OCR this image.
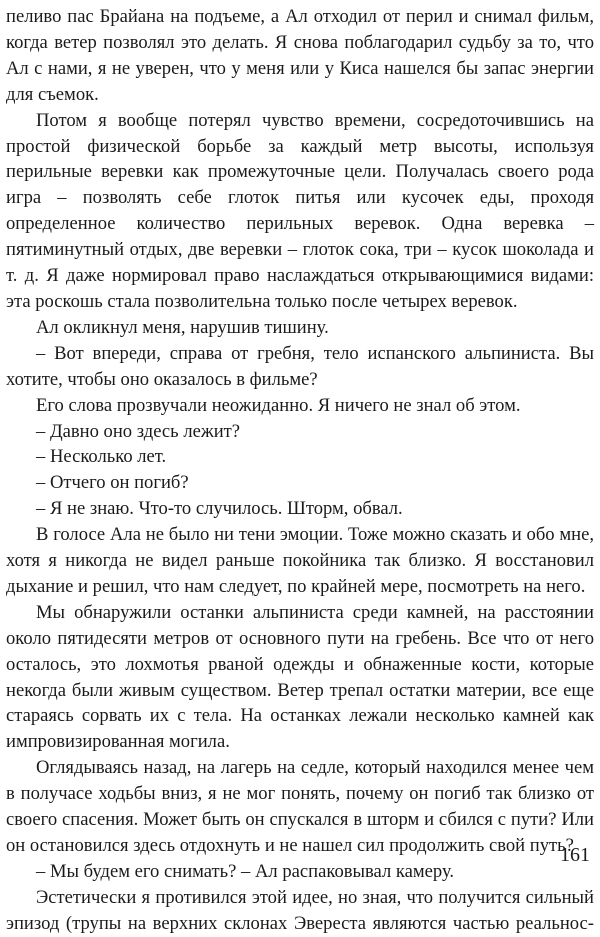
пеливо пас Брайана на подъеме, а Ал отходил от перил и снимал фильм, когда ветер позволял это делать. Я снова поблагодарил судьбу за то, что Ал с нами, я не уверен, что у меня или у Киса нашелся бы запас энергии для съемок.

Потом я вообще потерял чувство времени, сосредоточившись на простой физической борьбе за каждый метр высоты, используя перильные веревки как промежуточные цели. Получалась своего рода игра – позволять себе глоток питья или кусочек еды, проходя определенное количество перильных веревок. Одна веревка – пятиминутный отдых, две веревки – глоток сока, три – кусок шоколада и т. д. Я даже нормировал право наслаждаться открывающимися видами: эта роскошь стала позволительна только после четырех веревок.

Ал окликнул меня, нарушив тишину.

– Вот впереди, справа от гребня, тело испанского альпиниста. Вы хотите, чтобы оно оказалось в фильме?

Его слова прозвучали неожиданно. Я ничего не знал об этом.

– Давно оно здесь лежит?

– Несколько лет.

– Отчего он погиб?

– Я не знаю. Что-то случилось. Шторм, обвал.

В голосе Ала не было ни тени эмоции. Тоже можно сказать и обо мне, хотя я никогда не видел раньше покойника так близко. Я восстановил дыхание и решил, что нам следует, по крайней мере, посмотреть на него.

Мы обнаружили останки альпиниста среди камней, на расстоянии около пятидесяти метров от основного пути на гребень. Все что от него осталось, это лохмотья рваной одежды и обнаженные кости, которые некогда были живым существом. Ветер трепал остатки материи, все еще стараясь сорвать их с тела. На останках лежали несколько камней как импровизированная могила.

Оглядываясь назад, на лагерь на седле, который находился менее чем в получасе ходьбы вниз, я не мог понять, почему он погиб так близко от своего спасения. Может быть он спускался в шторм и сбился с пути? Или он остановился здесь отдохнуть и не нашел сил продолжить свой путь?

– Мы будем его снимать? – Ал распаковывал камеру.

Эстетически я противился этой идее, но зная, что получится сильный эпизод (трупы на верхних склонах Эвереста являются частью реальнос-

161
